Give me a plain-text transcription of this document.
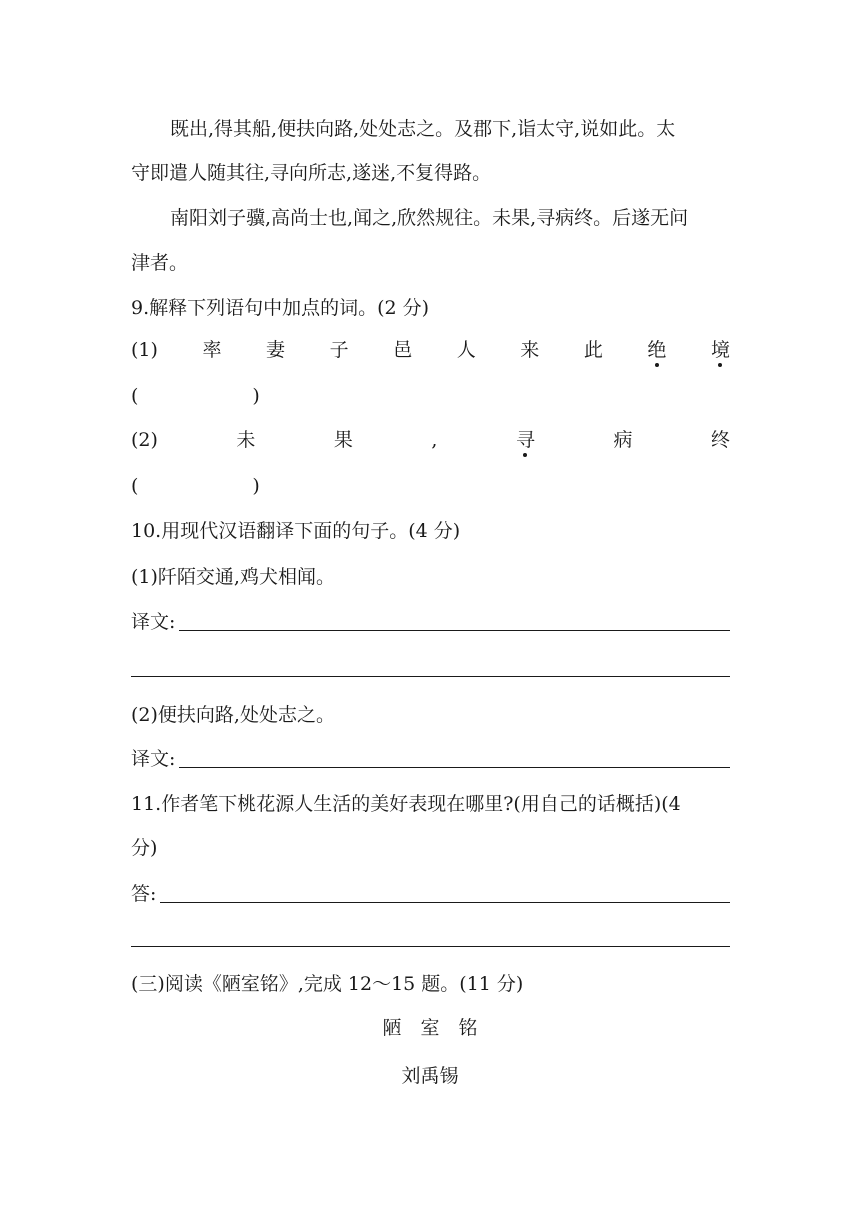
既出,得其船,便扶向路,处处志之。及郡下,诣太守,说如此。太
守即遣人随其往,寻向所志,遂迷,不复得路。
南阳刘子骥,高尚士也,闻之,欣然规往。未果,寻病终。后遂无问
津者。
9.解释下列语句中加点的词。(2 分)
(1) 率 妻 子 邑 人 来 此 绝 境
(　　　　　　)
(2)	未	果	,	寻	病	终
(　　　　　　)
10.用现代汉语翻译下面的句子。(4 分)
(1)阡陌交通,鸡犬相闻。
译文:
(2)便扶向路,处处志之。
译文:
11.作者笔下桃花源人生活的美好表现在哪里?(用自己的话概括)(4
分)
答:
(三)阅读《陋室铭》,完成 12～15 题。(11 分)
陋　室　铭
刘禹锡
